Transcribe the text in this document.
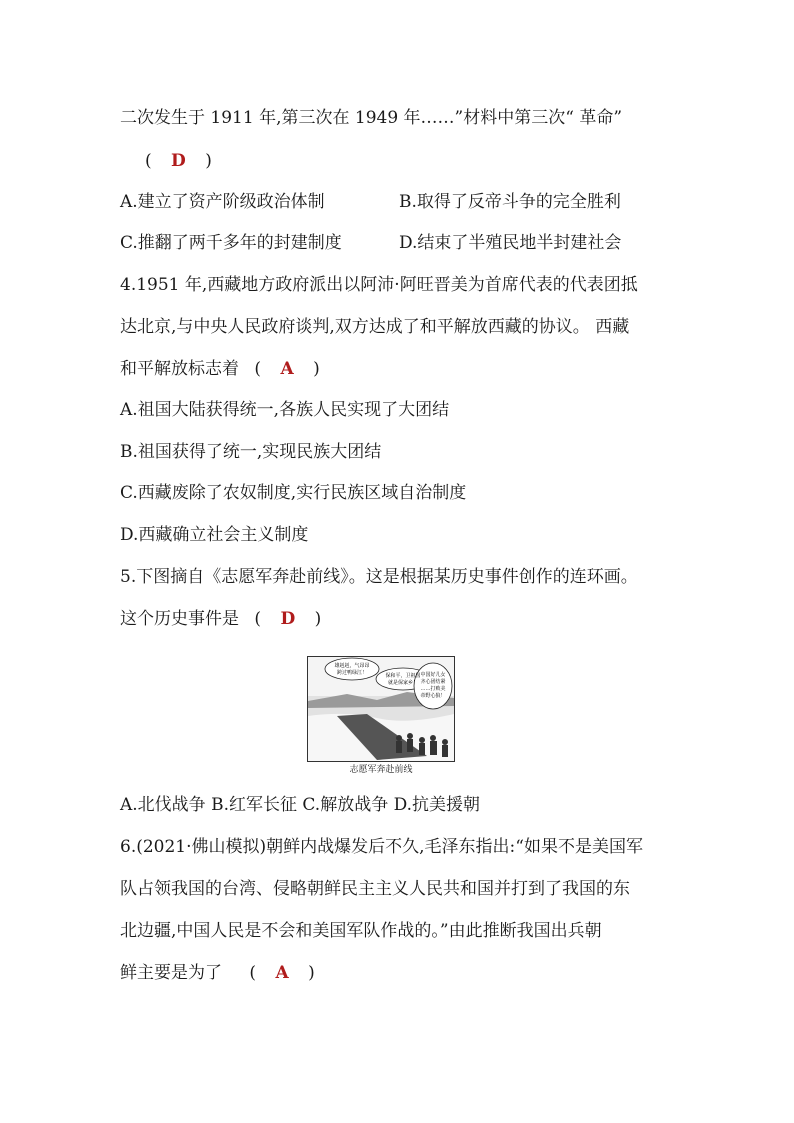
二次发生于 1911 年,第三次在 1949 年……”材料中第三次“ 革命”
( D )
A.建立了资产阶级政治体制	B.取得了反帝斗争的完全胜利
C.推翻了两千多年的封建制度	D.结束了半殖民地半封建社会
4.1951 年,西藏地方政府派出以阿沛·阿旺晋美为首席代表的代表团抵
达北京,与中央人民政府谈判,双方达成了和平解放西藏的协议。 西藏
和平解放标志着 ( A )
A.祖国大陆获得统一,各族人民实现了大团结
B.祖国获得了统一,实现民族大团结
C.西藏废除了农奴制度,实行民族区域自治制度
D.西藏确立社会主义制度
5.下图摘自《志愿军奔赴前线》。这是根据某历史事件创作的连环画。
这个历史事件是 ( D )
雄赳赳，气昂昂
跨过鸭绿江！	保和平，卫祖国
就是保家乡！
中国好儿女
齐心团结紧
……打败美
帝野心狼！
志愿军奔赴前线
A.北伐战争 B.红军长征 C.解放战争 D.抗美援朝
6.(2021·佛山模拟)朝鲜内战爆发后不久,毛泽东指出:“如果不是美国军
队占领我国的台湾、侵略朝鲜民主主义人民共和国并打到了我国的东
北边疆,中国人民是不会和美国军队作战的。”由此推断我国出兵朝
鲜主要是为了 ( A )
